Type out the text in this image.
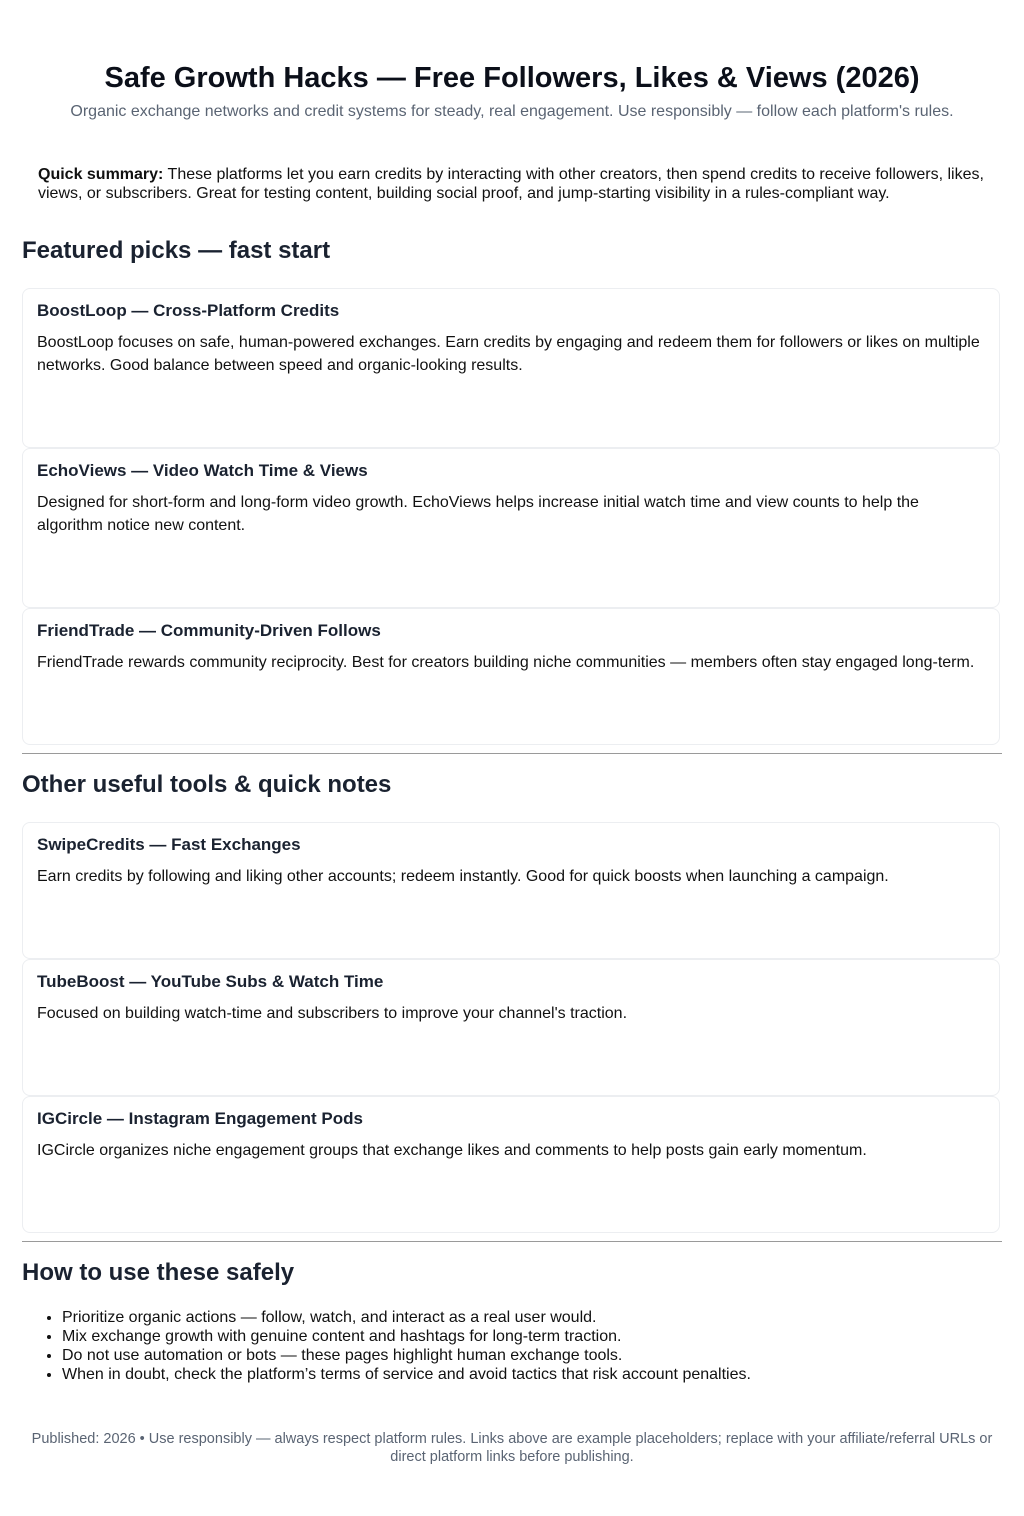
Safe Growth Hacks — Free Followers, Likes & Views (2026)
Organic exchange networks and credit systems for steady, real engagement. Use responsibly — follow each platform's rules.

Quick summary: These platforms let you earn credits by interacting with other creators, then spend credits to receive followers, likes, views, or subscribers. Great for testing content, building social proof, and jump-starting visibility in a rules-compliant way.

Featured picks — fast start
BoostLoop — Cross-Platform Credits
BoostLoop focuses on safe, human-powered exchanges. Earn credits by engaging and redeem them for followers or likes on multiple networks. Good balance between speed and organic-looking results.
EchoViews — Video Watch Time & Views
Designed for short-form and long-form video growth. EchoViews helps increase initial watch time and view counts to help the algorithm notice new content.
FriendTrade — Community-Driven Follows
FriendTrade rewards community reciprocity. Best for creators building niche communities — members often stay engaged long-term.
Other useful tools & quick notes
SwipeCredits — Fast Exchanges
Earn credits by following and liking other accounts; redeem instantly. Good for quick boosts when launching a campaign.
TubeBoost — YouTube Subs & Watch Time
Focused on building watch-time and subscribers to improve your channel's traction.
IGCircle — Instagram Engagement Pods
IGCircle organizes niche engagement groups that exchange likes and comments to help posts gain early momentum.
How to use these safely
• Prioritize organic actions — follow, watch, and interact as a real user would.
• Mix exchange growth with genuine content and hashtags for long-term traction.
• Do not use automation or bots — these pages highlight human exchange tools.
• When in doubt, check the platform’s terms of service and avoid tactics that risk account penalties.
Published: 2026 • Use responsibly — always respect platform rules. Links above are example placeholders; replace with your affiliate/referral URLs or direct platform links before publishing.
